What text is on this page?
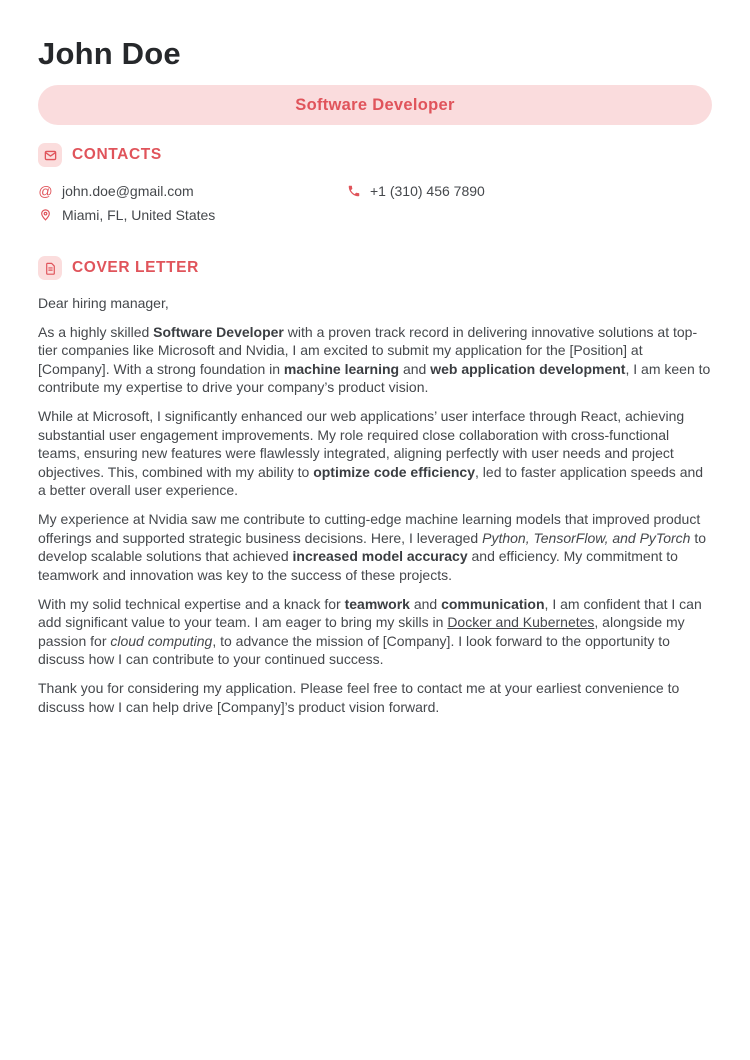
John Doe
Software Developer
CONTACTS
@ john.doe@gmail.com	+1 (310) 456 7890
Miami, FL, United States
COVER LETTER

Dear hiring manager,

As a highly skilled Software Developer with a proven track record in delivering innovative solutions at top-tier companies like Microsoft and Nvidia, I am excited to submit my application for the [Position] at [Company]. With a strong foundation in machine learning and web application development, I am keen to contribute my expertise to drive your company’s product vision.

While at Microsoft, I significantly enhanced our web applications’ user interface through React, achieving substantial user engagement improvements. My role required close collaboration with cross-functional teams, ensuring new features were flawlessly integrated, aligning perfectly with user needs and project objectives. This, combined with my ability to optimize code efficiency, led to faster application speeds and a better overall user experience.

My experience at Nvidia saw me contribute to cutting-edge machine learning models that improved product offerings and supported strategic business decisions. Here, I leveraged Python, TensorFlow, and PyTorch to develop scalable solutions that achieved increased model accuracy and efficiency. My commitment to teamwork and innovation was key to the success of these projects.

With my solid technical expertise and a knack for teamwork and communication, I am confident that I can add significant value to your team. I am eager to bring my skills in Docker and Kubernetes, alongside my passion for cloud computing, to advance the mission of [Company]. I look forward to the opportunity to discuss how I can contribute to your continued success.

Thank you for considering my application. Please feel free to contact me at your earliest convenience to discuss how I can help drive [Company]’s product vision forward.
